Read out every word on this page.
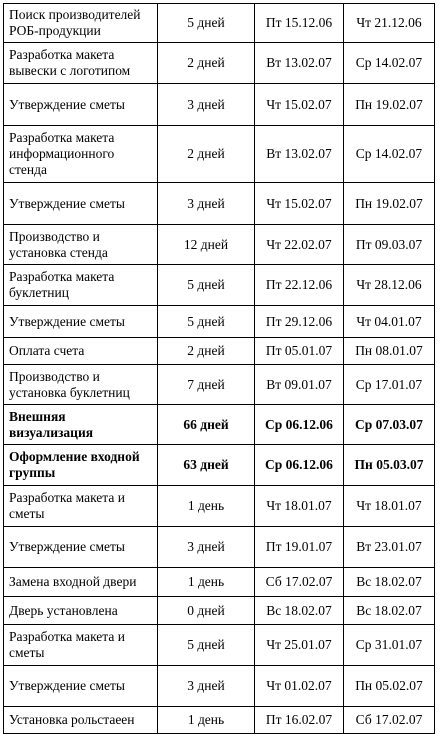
Поиск производителей РОБ-продукции	5 дней	Пт 15.12.06	Чт 21.12.06
Разработка макета вывески с логотипом	2 дней	Вт 13.02.07	Ср 14.02.07
Утверждение сметы	3 дней	Чт 15.02.07	Пн 19.02.07
Разработка макета информационного стенда	2 дней	Вт 13.02.07	Ср 14.02.07
Утверждение сметы	3 дней	Чт 15.02.07	Пн 19.02.07
Производство и установка стенда	12 дней	Чт 22.02.07	Пт 09.03.07
Разработка макета буклетниц	5 дней	Пт 22.12.06	Чт 28.12.06
Утверждение сметы	5 дней	Пт 29.12.06	Чт 04.01.07
Оплата счета	2 дней	Пт 05.01.07	Пн 08.01.07
Производство и установка буклетниц	7 дней	Вт 09.01.07	Ср 17.01.07
Внешняя визуализация	66 дней	Ср 06.12.06	Ср 07.03.07
Оформление входной группы	63 дней	Ср 06.12.06	Пн 05.03.07
Разработка макета и сметы	1 день	Чт 18.01.07	Чт 18.01.07
Утверждение сметы	3 дней	Пт 19.01.07	Вт 23.01.07
Замена входной двери	1 день	Сб 17.02.07	Вс 18.02.07
Дверь установлена	0 дней	Вс 18.02.07	Вс 18.02.07
Разработка макета и сметы	5 дней	Чт 25.01.07	Ср 31.01.07
Утверждение сметы	3 дней	Чт 01.02.07	Пн 05.02.07
Установка рольстаеен	1 день	Пт 16.02.07	Сб 17.02.07
